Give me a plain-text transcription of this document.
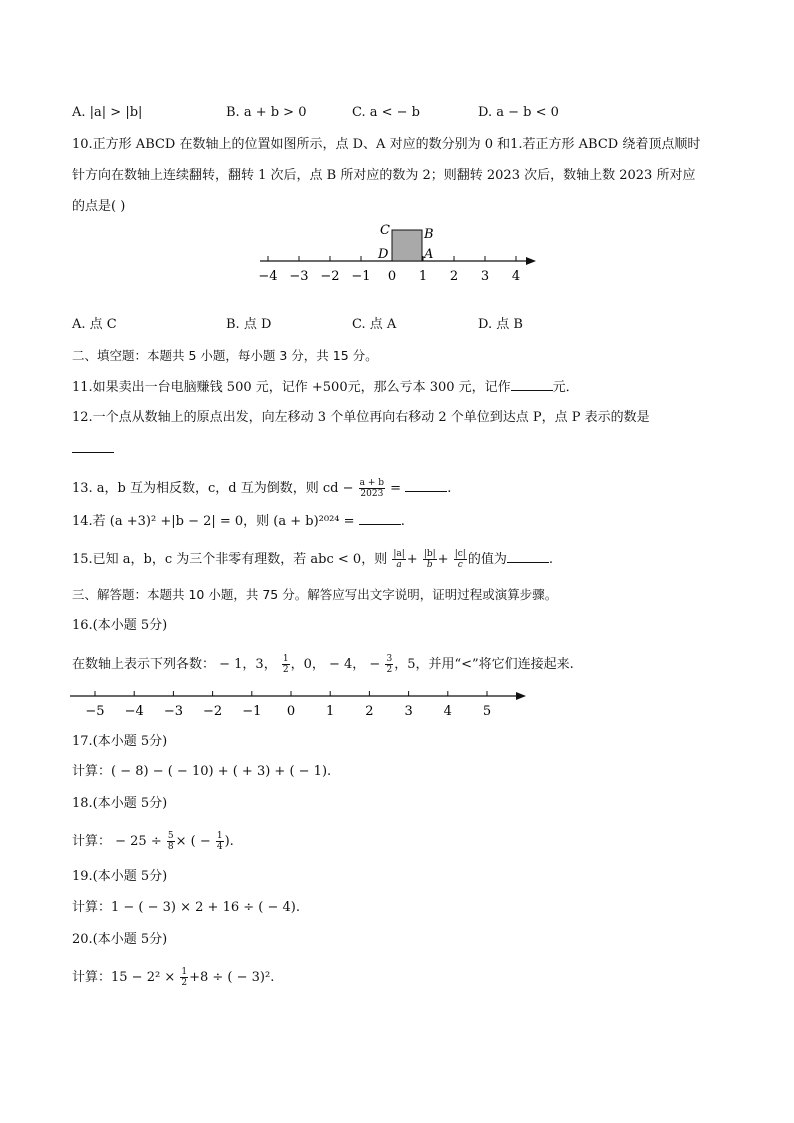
A. |a| > |b|	B. a + b > 0	C. a < − b	D. a − b < 0
10.正方形 ABCD 在数轴上的位置如图所示，点 D、A 对应的数分别为 0 和1.若正方形 ABCD 绕着顶点顺时
针方向在数轴上连续翻转，翻转 1 次后，点 B 所对应的数为 2；则翻转 2023 次后，数轴上数 2023 所对应
的点是( )
−4 −3 −2 −1 0 1 2 3 4
C	B
D	A
A. 点 C	B. 点 D	C. 点 A	D. 点 B
二、填空题：本题共 5 小题，每小题 3 分，共 15 分。
11.如果卖出一台电脑赚钱 500 元，记作 +500元，那么亏本 300 元，记作	元．
12.一个点从数轴上的原点出发，向左移动 3 个单位再向右移动 2 个单位到达点 P，点 P 表示的数是
13. a，b 互为相反数，c，d 互为倒数，则 cd − $\frac{a + b}{2023}$ =	.
14.若 (a +3)² +|b − 2| = 0，则 (a + b)²⁰²⁴ =	.
15.已知 a，b，c 为三个非零有理数，若 abc < 0，则 $\frac{|a|}{a} + \frac{|b|}{b} + \frac{|c|}{c}$ 的值为	.
三、解答题：本题共 10 小题，共 75 分。解答应写出文字说明，证明过程或演算步骤。
16.(本小题 5分)
在数轴上表示下列各数： − 1，3， $\frac{1}{2}$ ，0， − 4， − $\frac{3}{2}$ ，5，并用“<”将它们连接起来.
−5 −4 −3 −2 −1 0 1 2 3 4 5
17.(本小题 5分)
计算：( − 8) − ( − 10) + ( + 3) + ( − 1).
18.(本小题 5分)
计算： − $25 \div \frac{5}{8}$ × ( − $\frac{1}{4}$ ).
19.(本小题 5分)
计算：1 − ( − 3) × 2 + 16 ÷ ( − 4).
20.(本小题 5分)
计算：$15 - 2^2 \times \frac{1}{2} +8$ ÷ ( − 3)².
